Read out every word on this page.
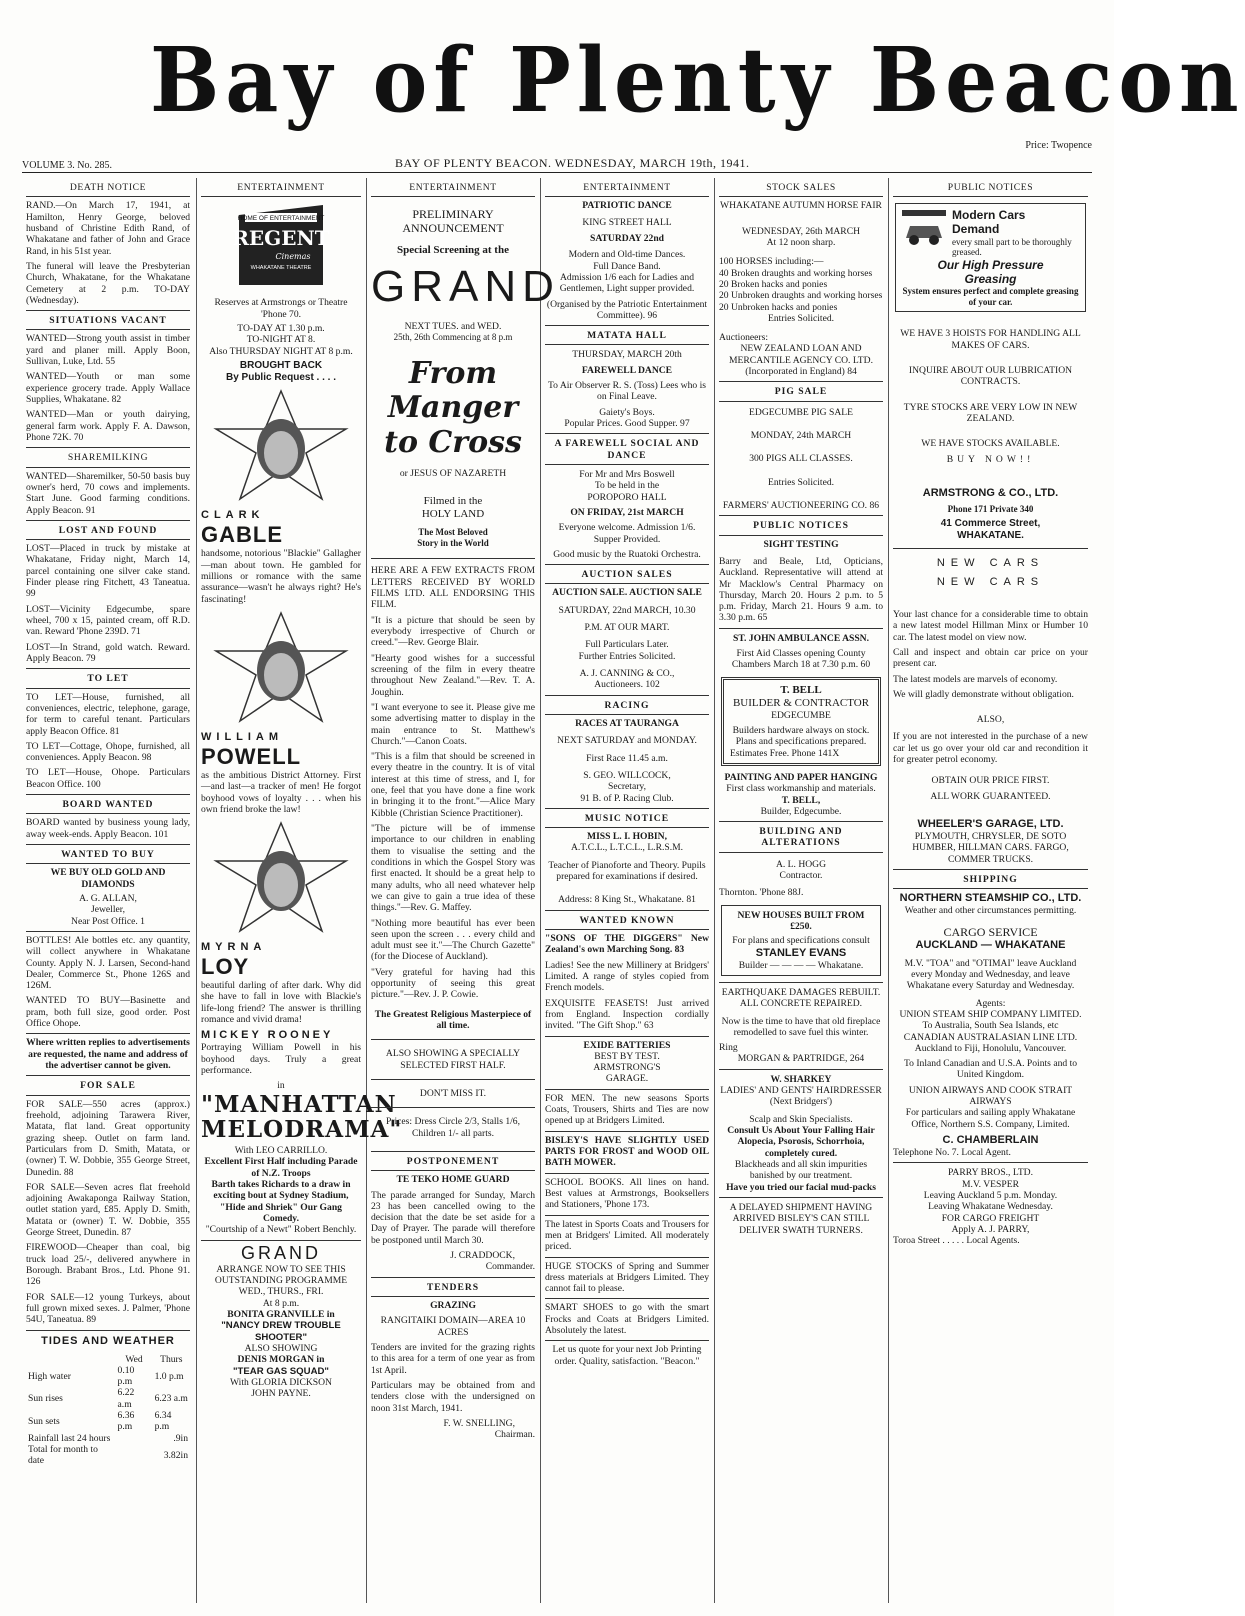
Bay of Plenty Beacon
Price: Twopence
VOLUME 3. No. 285.	BAY OF PLENTY BEACON. WEDNESDAY, MARCH 19th, 1941.
DEATH NOTICE

RAND.—On March 17, 1941, at Hamilton, Henry George, beloved husband of Christine Edith Rand, of Whakatane and father of John and Grace Rand, in his 51st year.

The funeral will leave the Presbyterian Church, Whakatane, for the Whakatane Cemetery at 2 p.m. TO-DAY (Wednesday).

SITUATIONS VACANT

WANTED—Strong youth assist in timber yard and planer mill. Apply Boon, Sullivan, Luke, Ltd. 55

WANTED—Youth or man some experience grocery trade. Apply Wallace Supplies, Whakatane. 82

WANTED—Man or youth dairying, general farm work. Apply F. A. Dawson, Phone 72K. 70

SHAREMILKING

WANTED—Sharemilker, 50-50 basis buy owner's herd, 70 cows and implements. Start June. Good farming conditions. Apply Beacon. 91

LOST AND FOUND

LOST—Placed in truck by mistake at Whakatane, Friday night, March 14, parcel containing one silver cake stand. Finder please ring Fitchett, 43 Taneatua. 99

LOST—Vicinity Edgecumbe, spare wheel, 700 x 15, painted cream, off R.D. van. Reward 'Phone 239D. 71

LOST—In Strand, gold watch. Reward. Apply Beacon. 79

TO LET

TO LET—House, furnished, all conveniences, electric, telephone, garage, for term to careful tenant. Particulars apply Beacon Office. 81

TO LET—Cottage, Ohope, furnished, all conveniences. Apply Beacon. 98

TO LET—House, Ohope. Particulars Beacon Office. 100

BOARD WANTED

BOARD wanted by business young lady, away week-ends. Apply Beacon. 101

WANTED TO BUY
WE BUY OLD GOLD AND DIAMONDS
A. G. ALLAN,
Jeweller,
Near Post Office. 1

BOTTLES! Ale bottles etc. any quantity, will collect anywhere in Whakatane County. Apply N. J. Larsen, Second-hand Dealer, Commerce St., Phone 126S and 126M.

WANTED TO BUY—Basinette and pram, both full size, good order. Post Office Ohope.

Where written replies to advertisements are requested, the name and address of the advertiser cannot be given.

FOR SALE

FOR SALE—550 acres (approx.) freehold, adjoining Tarawera River, Matata, flat land. Great opportunity grazing sheep. Outlet on farm land. Particulars from D. Smith, Matata, or (owner) T. W. Dobbie, 355 George Street, Dunedin. 88

FOR SALE—Seven acres flat freehold adjoining Awakaponga Railway Station, outlet station yard, £85. Apply D. Smith, Matata or (owner) T. W. Dobbie, 355 George Street, Dunedin. 87

FIREWOOD—Cheaper than coal, big truck load 25/-, delivered anywhere in Borough. Brabant Bros., Ltd. Phone 91. 126

FOR SALE—12 young Turkeys, about full grown mixed sexes. J. Palmer, 'Phone 54U, Taneatua. 89

TIDES AND WEATHER
	Wed	Thurs
High water	0.10 p.m	1.0 p.m
Sun rises	6.22 a.m	6.23 a.m
Sun sets	6.36 p.m	6.34 p.m
Rainfall last 24 hours		.9in
Total for month to date		3.82in
ENTERTAINMENT
HOME OF ENTERTAINMENT
REGENT
Cinemas
WHAKATANE THEATRE
Reserves at Armstrongs or Theatre 'Phone 70.
TO-DAY AT 1.30 p.m.
TO-NIGHT AT 8.
Also THURSDAY NIGHT AT 8 p.m.
BROUGHT BACK
By Public Request . . . .
CLARK
GABLE

handsome, notorious "Blackie" Gallagher—man about town. He gambled for millions or romance with the same assurance—wasn't he always right? He's fascinating!

WILLIAM
POWELL

as the ambitious District Attorney. First—and last—a tracker of men! He forgot boyhood vows of loyalty . . . when his own friend broke the law!

MYRNA
LOY

beautiful darling of after dark. Why did she have to fall in love with Blackie's life-long friend? The answer is thrilling romance and vivid drama!

MICKEY ROONEY

Portraying William Powell in his boyhood days. Truly a great performance.

in
"MANHATTAN
MELODRAMA"
With LEO CARRILLO.
Excellent First Half including Parade of N.Z. Troops
Barth takes Richards to a draw in exciting bout at Sydney Stadium, "Hide and Shriek" Our Gang Comedy.
"Courtship of a Newt" Robert Benchly.
GRAND
ARRANGE NOW TO SEE THIS OUTSTANDING PROGRAMME
WED., THURS., FRI.
At 8 p.m.
BONITA GRANVILLE in
"NANCY DREW TROUBLE SHOOTER"
ALSO SHOWING
DENIS MORGAN in
"TEAR GAS SQUAD"
With GLORIA DICKSON
JOHN PAYNE.
ENTERTAINMENT
PRELIMINARY
ANNOUNCEMENT
Special Screening at the
GRAND
NEXT TUES. and WED.
25th, 26th Commencing at 8 p.m
From Manger
to Cross
or JESUS OF NAZARETH
Filmed in the
HOLY LAND
The Most Beloved
Story in the World

HERE ARE A FEW EXTRACTS FROM LETTERS RECEIVED BY WORLD FILMS LTD. ALL ENDORSING THIS FILM.

"It is a picture that should be seen by everybody irrespective of Church or creed."—Rev. George Blair.

"Hearty good wishes for a successful screening of the film in every theatre throughout New Zealand."—Rev. T. A. Joughin.

"I want everyone to see it. Please give me some advertising matter to display in the main entrance to St. Matthew's Church."—Canon Coats.

"This is a film that should be screened in every theatre in the country. It is of vital interest at this time of stress, and I, for one, feel that you have done a fine work in bringing it to the front."—Alice Mary Kibble (Christian Science Practitioner).

"The picture will be of immense importance to our children in enabling them to visualise the setting and the conditions in which the Gospel Story was first enacted. It should be a great help to many adults, who all need whatever help we can give to gain a true idea of these things."—Rev. G. Maffey.

"Nothing more beautiful has ever been seen upon the screen . . . every child and adult must see it."—The Church Gazette" (for the Diocese of Auckland).

"Very grateful for having had this opportunity of seeing this great picture."—Rev. J. P. Cowie.

The Greatest Religious Masterpiece of all time.
ALSO SHOWING A SPECIALLY SELECTED FIRST HALF.
DON'T MISS IT.
Prices: Dress Circle 2/3, Stalls 1/6, Children 1/- all parts.
POSTPONEMENT
TE TEKO HOME GUARD

The parade arranged for Sunday, March 23 has been cancelled owing to the decision that the date be set aside for a Day of Prayer. The parade will therefore be postponed until March 30.

J. CRADDOCK,
Commander.
TENDERS
GRAZING
RANGITAIKI DOMAIN—AREA 10 ACRES

Tenders are invited for the grazing rights to this area for a term of one year as from 1st April.

Particulars may be obtained from and tenders close with the undersigned on noon 31st March, 1941.

F. W. SNELLING,
Chairman.
ENTERTAINMENT
PATRIOTIC DANCE
KING STREET HALL
SATURDAY 22nd
Modern and Old-time Dances.
Full Dance Band.

Admission 1/6 each for Ladies and Gentlemen, Light supper provided.

(Organised by the Patriotic Entertainment Committee). 96

MATATA HALL
THURSDAY, MARCH 20th
FAREWELL DANCE

To Air Observer R. S. (Toss) Lees who is on Final Leave.

Gaiety's Boys.
Popular Prices. Good Supper. 97
A FAREWELL SOCIAL AND DANCE
For Mr and Mrs Boswell
To be held in the
POROPORO HALL
ON FRIDAY, 21st MARCH

Everyone welcome. Admission 1/6. Supper Provided.

Good music by the Ruatoki Orchestra.

AUCTION SALES
AUCTION SALE. AUCTION SALE
SATURDAY, 22nd MARCH, 10.30
P.M. AT OUR MART.
Full Particulars Later.
Further Entries Solicited.
A. J. CANNING & CO.,
Auctioneers. 102
RACING
RACES AT TAURANGA
NEXT SATURDAY and MONDAY.
First Race 11.45 a.m.
S. GEO. WILLCOCK,
Secretary,
91 B. of P. Racing Club.
MUSIC NOTICE
MISS L. I. HOBIN,
A.T.C.L., L.T.C.L., L.R.S.M.

Teacher of Pianoforte and Theory. Pupils prepared for examinations if desired.

Address: 8 King St., Whakatane. 81
WANTED KNOWN

"SONS OF THE DIGGERS" New Zealand's own Marching Song. 83

Ladies! See the new Millinery at Bridgers' Limited. A range of styles copied from French models.

EXQUISITE FEASETS! Just arrived from England. Inspection cordially invited. "The Gift Shop." 63

EXIDE BATTERIES
BEST BY TEST.
ARMSTRONG'S
GARAGE.

FOR MEN. The new seasons Sports Coats, Trousers, Shirts and Ties are now opened up at Bridgers Limited.

BISLEY'S HAVE SLIGHTLY USED PARTS FOR FROST and WOOD OIL BATH MOWER.

SCHOOL BOOKS. All lines on hand. Best values at Armstrongs, Booksellers and Stationers, 'Phone 173.

The latest in Sports Coats and Trousers for men at Bridgers' Limited. All moderately priced.

HUGE STOCKS of Spring and Summer dress materials at Bridgers Limited. They cannot fail to please.

SMART SHOES to go with the smart Frocks and Coats at Bridgers Limited. Absolutely the latest.

Let us quote for your next Job Printing order. Quality, satisfaction. "Beacon."

STOCK SALES
WHAKATANE AUTUMN HORSE FAIR
WEDNESDAY, 26th MARCH
At 12 noon sharp.
100 HORSES including:—
40 Broken draughts and working horses
20 Broken hacks and ponies
20 Unbroken draughts and working horses
20 Unbroken hacks and ponies
Entries Solicited.
Auctioneers:
NEW ZEALAND LOAN AND MERCANTILE AGENCY CO. LTD.
(Incorporated in England) 84
PIG SALE
EDGECUMBE PIG SALE
MONDAY, 24th MARCH
300 PIGS ALL CLASSES.
Entries Solicited.
FARMERS' AUCTIONEERING CO. 86
PUBLIC NOTICES
SIGHT TESTING

Barry and Beale, Ltd, Opticians, Auckland. Representative will attend at Mr Macklow's Central Pharmacy on Thursday, March 20. Hours 2 p.m. to 5 p.m. Friday, March 21. Hours 9 a.m. to 3.30 p.m. 65

ST. JOHN AMBULANCE ASSN.

First Aid Classes opening County Chambers March 18 at 7.30 p.m. 60

T. BELL
BUILDER & CONTRACTOR
EDGECUMBE
Builders hardware always on stock. Plans and specifications prepared.
Estimates Free. Phone 141X
PAINTING AND PAPER HANGING
First class workmanship and materials.
T. BELL,
Builder, Edgecumbe.
BUILDING AND ALTERATIONS
A. L. HOGG
Contractor.
Thornton. 'Phone 88J.
NEW HOUSES BUILT FROM £250.
For plans and specifications consult
STANLEY EVANS
Builder — — — — Whakatane.
EARTHQUAKE DAMAGES REBUILT. ALL CONCRETE REPAIRED.

Now is the time to have that old fireplace remodelled to save fuel this winter.

Ring
MORGAN & PARTRIDGE, 264
W. SHARKEY
LADIES' AND GENTS' HAIRDRESSER
(Next Bridgers')
Scalp and Skin Specialists.
Consult Us About Your Falling Hair Alopecia, Psorosis, Schorrhoia, completely cured.
Blackheads and all skin impurities banished by our treatment.
Have you tried our facial mud-packs

A DELAYED SHIPMENT HAVING ARRIVED BISLEY'S CAN STILL DELIVER SWATH TURNERS.

PUBLIC NOTICES
Modern Cars
Demand
every small part to be thoroughly greased.
Our High Pressure
Greasing
System ensures perfect and complete greasing of your car.
WE HAVE 3 HOISTS FOR HANDLING ALL MAKES OF CARS.
INQUIRE ABOUT OUR LUBRICATION CONTRACTS.
TYRE STOCKS ARE VERY LOW IN NEW ZEALAND.
WE HAVE STOCKS AVAILABLE.
BUY NOW!!
ARMSTRONG & CO., LTD.
Phone 171 Private 340
41 Commerce Street,
WHAKATANE.
NEW CARS
NEW CARS

Your last chance for a considerable time to obtain a new latest model Hillman Minx or Humber 10 car. The latest model on view now.

Call and inspect and obtain car price on your present car.

The latest models are marvels of economy.

We will gladly demonstrate without obligation.

ALSO,

If you are not interested in the purchase of a new car let us go over your old car and recondition it for greater petrol economy.

OBTAIN OUR PRICE FIRST.
ALL WORK GUARANTEED.
WHEELER'S GARAGE, LTD.
PLYMOUTH, CHRYSLER, DE SOTO HUMBER, HILLMAN CARS. FARGO, COMMER TRUCKS.
SHIPPING
NORTHERN STEAMSHIP CO., LTD.
Weather and other circumstances permitting.
CARGO SERVICE
AUCKLAND — WHAKATANE

M.V. "TOA" and "OTIMAI" leave Auckland every Monday and Wednesday, and leave Whakatane every Saturday and Wednesday.

Agents:
UNION STEAM SHIP COMPANY LIMITED.
To Australia, South Sea Islands, etc
CANADIAN AUSTRALASIAN LINE LTD.
Auckland to Fiji, Honolulu, Vancouver.
To Inland Canadian and U.S.A. Points and to United Kingdom.
UNION AIRWAYS AND COOK STRAIT AIRWAYS

For particulars and sailing apply Whakatane Office, Northern S.S. Company, Limited.

C. CHAMBERLAIN
Telephone No. 7. Local Agent.
PARRY BROS., LTD.
M.V. VESPER
Leaving Auckland 5 p.m. Monday.
Leaving Whakatane Wednesday.
FOR CARGO FREIGHT
Apply A. J. PARRY,
Toroa Street . . . . . Local Agents.
